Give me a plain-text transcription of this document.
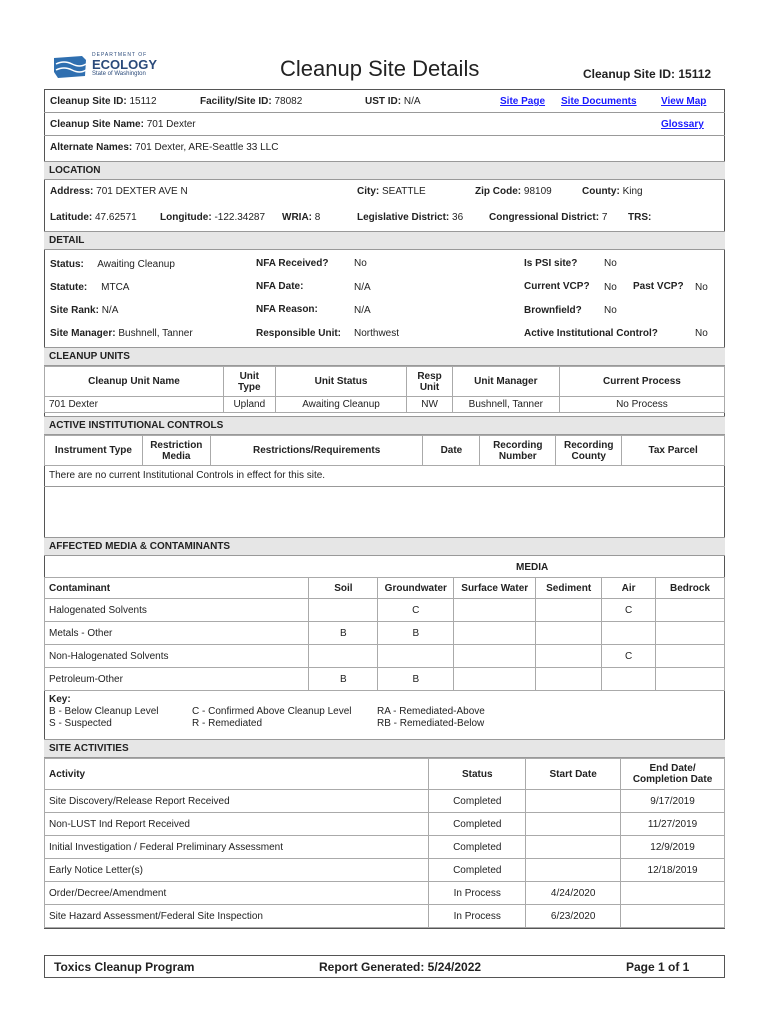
DEPARTMENT OF
ECOLOGY
State of Washington	Cleanup Site Details	Cleanup Site ID: 15112
Cleanup Site ID: 15112	Facility/Site ID: 78082	UST ID: N/A	Site Page Site Documents View Map
Cleanup Site Name: 701 Dexter	Glossary
Alternate Names: 701 Dexter, ARE-Seattle 33 LLC
LOCATION
Address: 701 DEXTER AVE N	City: SEATTLE	Zip Code: 98109	County: King
Latitude: 47.62571 Longitude: -122.34287 WRIA: 8	Legislative District: 36	Congressional District: 7 TRS:
DETAIL
Status: Awaiting Cleanup	NFA Received?	No	Is PSI site?	No
Statute: MTCA	NFA Date:	N/A	Current VCP? No Past VCP? No
Site Rank: N/A	NFA Reason:	N/A	Brownfield? No
Site Manager: Bushnell, Tanner	Responsible Unit: Northwest	Active Institutional Control?	No
CLEANUP UNITS
Cleanup Unit Name	Unit Type	Unit Status	Resp Unit	Unit Manager	Current Process
701 Dexter	Upland	Awaiting Cleanup	NW	Bushnell, Tanner	No Process
ACTIVE INSTITUTIONAL CONTROLS
Instrument Type	Restriction Media	Restrictions/Requirements	Date	Recording Number	Recording County	Tax Parcel
There are no current Institutional Controls in effect for this site.
AFFECTED MEDIA & CONTAMINANTS
MEDIA
Contaminant	Soil	Groundwater	Surface Water	Sediment	Air	Bedrock
Halogenated Solvents		C			C	
Metals - Other	B	B				
Non-Halogenated Solvents					C	
Petroleum-Other	B	B				
Key:
B - Below Cleanup Level
S - Suspected
C - Confirmed Above Cleanup Level
R - Remediated
RA - Remediated-Above
RB - Remediated-Below
SITE ACTIVITIES
Activity	Status	Start Date	End Date/ Completion Date
Site Discovery/Release Report Received	Completed		9/17/2019
Non-LUST Ind Report Received	Completed		11/27/2019
Initial Investigation / Federal Preliminary Assessment	Completed		12/9/2019
Early Notice Letter(s)	Completed		12/18/2019
Order/Decree/Amendment	In Process	4/24/2020	
Site Hazard Assessment/Federal Site Inspection	In Process	6/23/2020	
Toxics Cleanup Program	Report Generated: 5/24/2022	Page 1 of 1
